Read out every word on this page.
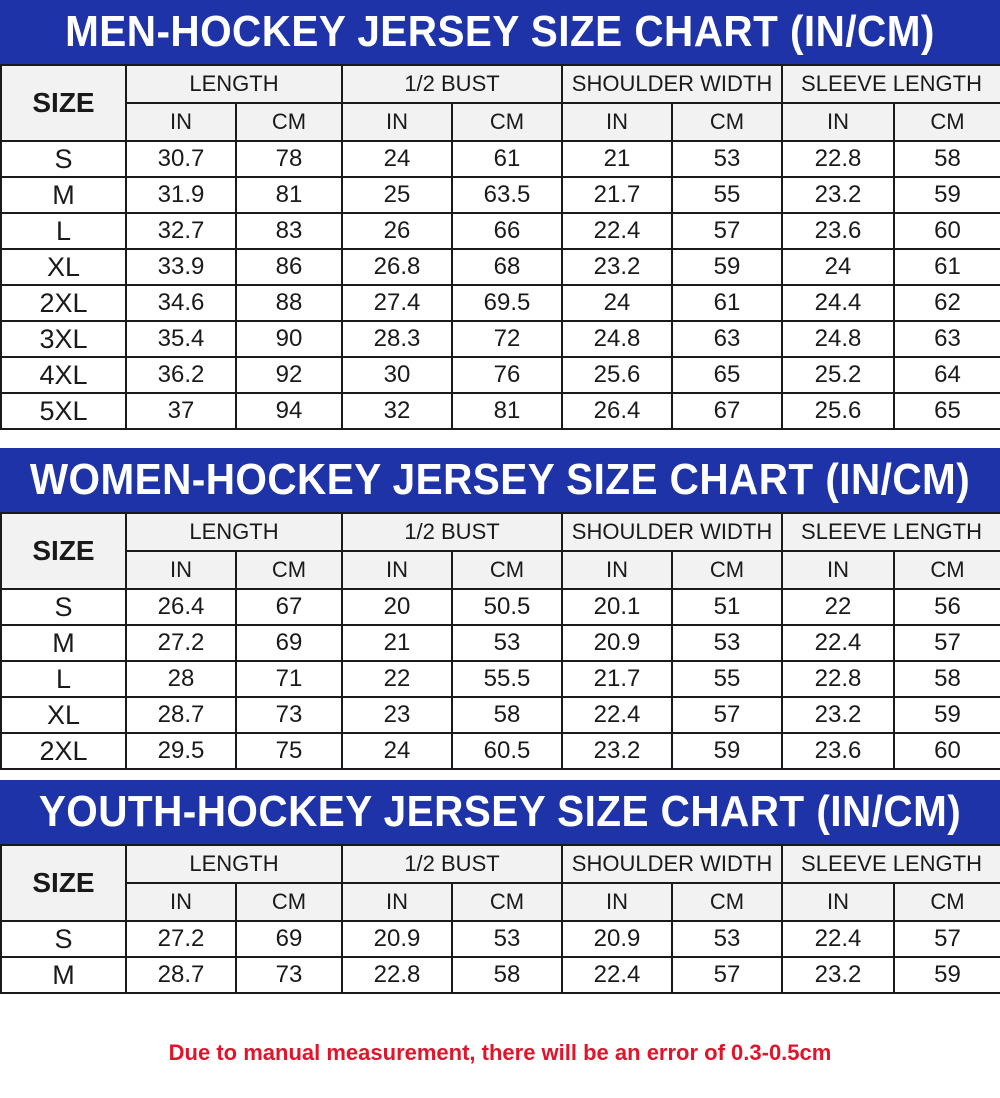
MEN-HOCKEY JERSEY SIZE CHART (IN/CM)
SIZE	LENGTH		1/2 BUST		SHOULDER WIDTH		SLEEVE LENGTH	
	IN	CM	IN	CM	IN	CM	IN	CM
S	30.7	78	24	61	21	53	22.8	58
M	31.9	81	25	63.5	21.7	55	23.2	59
L	32.7	83	26	66	22.4	57	23.6	60
XL	33.9	86	26.8	68	23.2	59	24	61
2XL	34.6	88	27.4	69.5	24	61	24.4	62
3XL	35.4	90	28.3	72	24.8	63	24.8	63
4XL	36.2	92	30	76	25.6	65	25.2	64
5XL	37	94	32	81	26.4	67	25.6	65
WOMEN-HOCKEY JERSEY SIZE CHART (IN/CM)
SIZE	LENGTH		1/2 BUST		SHOULDER WIDTH		SLEEVE LENGTH	
	IN	CM	IN	CM	IN	CM	IN	CM
S	26.4	67	20	50.5	20.1	51	22	56
M	27.2	69	21	53	20.9	53	22.4	57
L	28	71	22	55.5	21.7	55	22.8	58
XL	28.7	73	23	58	22.4	57	23.2	59
2XL	29.5	75	24	60.5	23.2	59	23.6	60
YOUTH-HOCKEY JERSEY SIZE CHART (IN/CM)
SIZE	LENGTH		1/2 BUST		SHOULDER WIDTH		SLEEVE LENGTH	
	IN	CM	IN	CM	IN	CM	IN	CM
S	27.2	69	20.9	53	20.9	53	22.4	57
M	28.7	73	22.8	58	22.4	57	23.2	59
Due to manual measurement, there will be an error of 0.3-0.5cm
